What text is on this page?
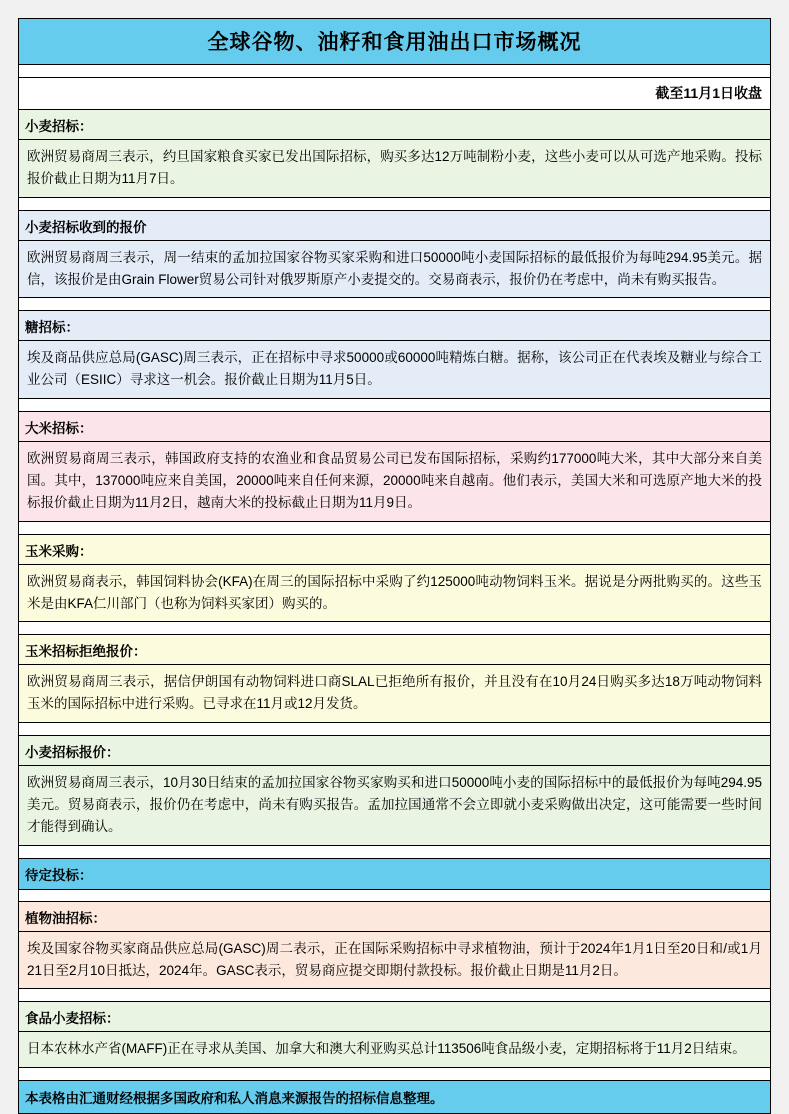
全球谷物、油籽和食用油出口市场概况
截至11月1日收盘
小麦招标：
欧洲贸易商周三表示，约旦国家粮食买家已发出国际招标，购买多达12万吨制粉小麦，这些小麦可以从可选产地采购。投标报价截止日期为11月7日。
小麦招标收到的报价
欧洲贸易商周三表示，周一结束的孟加拉国家谷物买家采购和进口50000吨小麦国际招标的最低报价为每吨294.95美元。据信，该报价是由Grain Flower贸易公司针对俄罗斯原产小麦提交的。交易商表示，报价仍在考虑中，尚未有购买报告。
糖招标：
埃及商品供应总局(GASC)周三表示，正在招标中寻求50000或60000吨精炼白糖。据称，该公司正在代表埃及糖业与综合工业公司（ESIIC）寻求这一机会。报价截止日期为11月5日。
大米招标：
欧洲贸易商周三表示，韩国政府支持的农渔业和食品贸易公司已发布国际招标，采购约177000吨大米，其中大部分来自美国。其中，137000吨应来自美国，20000吨来自任何来源，20000吨来自越南。他们表示，美国大米和可选原产地大米的投标报价截止日期为11月2日，越南大米的投标截止日期为11月9日。
玉米采购：
欧洲贸易商表示，韩国饲料协会(KFA)在周三的国际招标中采购了约125000吨动物饲料玉米。据说是分两批购买的。这些玉米是由KFA仁川部门（也称为饲料买家团）购买的。
玉米招标拒绝报价：
欧洲贸易商周三表示，据信伊朗国有动物饲料进口商SLAL已拒绝所有报价，并且没有在10月24日购买多达18万吨动物饲料玉米的国际招标中进行采购。已寻求在11月或12月发货。
小麦招标报价：
欧洲贸易商周三表示，10月30日结束的孟加拉国家谷物买家购买和进口50000吨小麦的国际招标中的最低报价为每吨294.95美元。贸易商表示，报价仍在考虑中，尚未有购买报告。孟加拉国通常不会立即就小麦采购做出决定，这可能需要一些时间才能得到确认。
待定投标：
植物油招标：
埃及国家谷物买家商品供应总局(GASC)周二表示，正在国际采购招标中寻求植物油，预计于2024年1月1日至20日和/或1月21日至2月10日抵达，2024年。GASC表示，贸易商应提交即期付款投标。报价截止日期是11月2日。
食品小麦招标：
日本农林水产省(MAFF)正在寻求从美国、加拿大和澳大利亚购买总计113506吨食品级小麦，定期招标将于11月2日结束。
本表格由汇通财经根据多国政府和私人消息来源报告的招标信息整理。
